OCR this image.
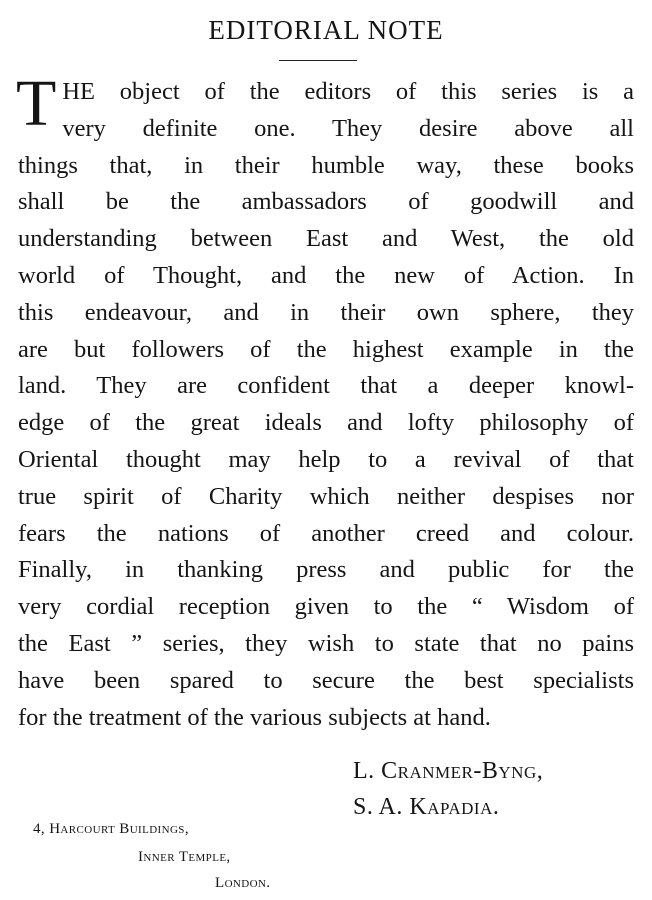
EDITORIAL NOTE
T HE object of the editors of this series is a
very definite one. They desire above all
things that, in their humble way, these books
shall be the ambassadors of goodwill and
understanding between East and West, the old
world of Thought, and the new of Action. In
this endeavour, and in their own sphere, they
are but followers of the highest example in the
land. They are confident that a deeper knowl-
edge of the great ideals and lofty philosophy of
Oriental thought may help to a revival of that
true spirit of Charity which neither despises nor
fears the nations of another creed and colour.
Finally, in thanking press and public for the
very cordial reception given to the “ Wisdom of
the East ” series, they wish to state that no pains
have been spared to secure the best specialists
for the treatment of the various subjects at hand.
L. Cranmer-Byng,
S. A. Kapadia.
4, Harcourt Buildings,
Inner Temple,
London.
